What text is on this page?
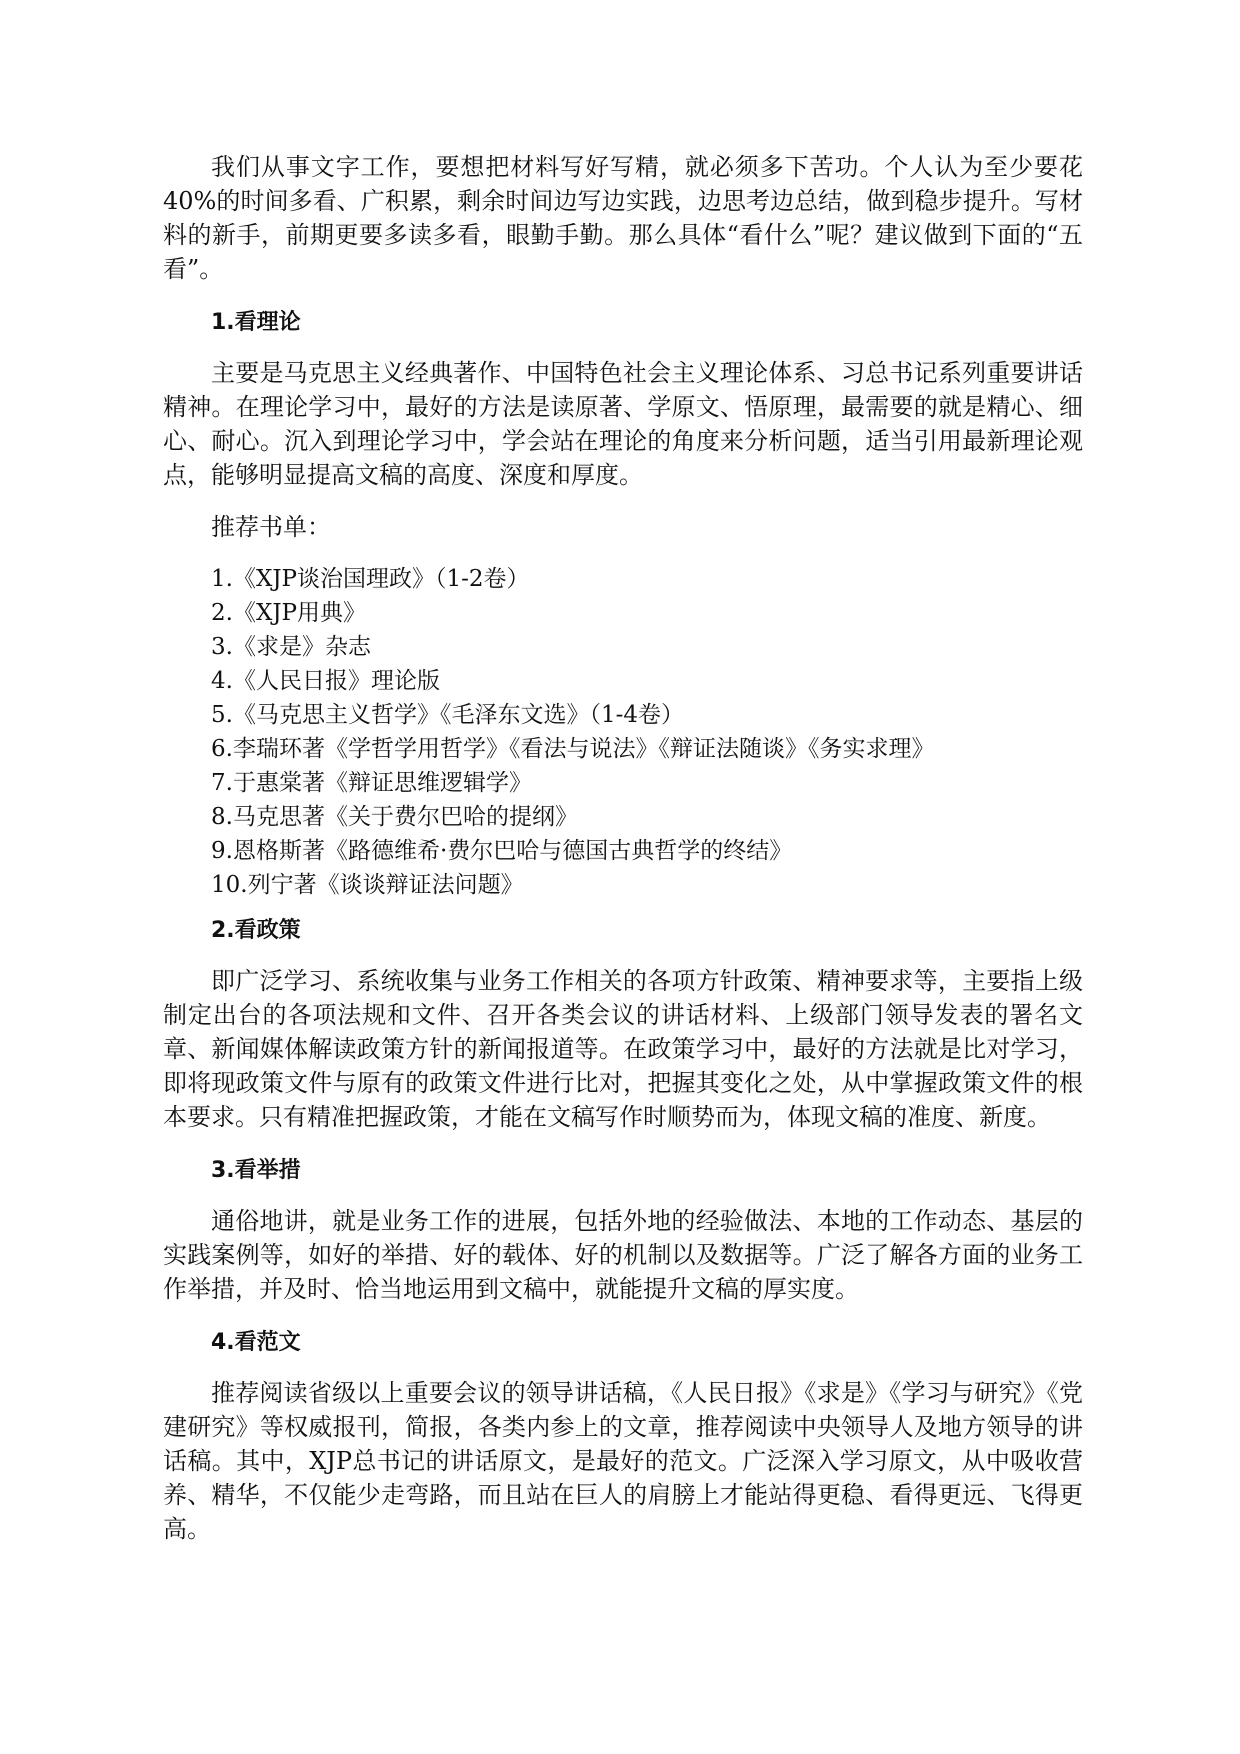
我们从事文字工作，要想把材料写好写精，就必须多下苦功。个人认为至少要花40%的时间多看、广积累，剩余时间边写边实践，边思考边总结，做到稳步提升。写材料的新手，前期更要多读多看，眼勤手勤。那么具体“看什么”呢？建议做到下面的“五看”。

1.看理论

主要是马克思主义经典著作、中国特色社会主义理论体系、习总书记系列重要讲话精神。在理论学习中，最好的方法是读原著、学原文、悟原理，最需要的就是精心、细心、耐心。沉入到理论学习中，学会站在理论的角度来分析问题，适当引用最新理论观点，能够明显提高文稿的高度、深度和厚度。

推荐书单：

1.《XJP谈治国理政》（1-2卷）
2.《XJP用典》
3.《求是》杂志
4.《人民日报》理论版
5.《马克思主义哲学》《毛泽东文选》（1-4卷）
6.李瑞环著《学哲学用哲学》《看法与说法》《辩证法随谈》《务实求理》
7.于惠棠著《辩证思维逻辑学》
8.马克思著《关于费尔巴哈的提纲》
9.恩格斯著《路德维希·费尔巴哈与德国古典哲学的终结》
10.列宁著《谈谈辩证法问题》
2.看政策

即广泛学习、系统收集与业务工作相关的各项方针政策、精神要求等，主要指上级制定出台的各项法规和文件、召开各类会议的讲话材料、上级部门领导发表的署名文章、新闻媒体解读政策方针的新闻报道等。在政策学习中，最好的方法就是比对学习，即将现政策文件与原有的政策文件进行比对，把握其变化之处，从中掌握政策文件的根本要求。只有精准把握政策，才能在文稿写作时顺势而为，体现文稿的准度、新度。

3.看举措

通俗地讲，就是业务工作的进展，包括外地的经验做法、本地的工作动态、基层的实践案例等，如好的举措、好的载体、好的机制以及数据等。广泛了解各方面的业务工作举措，并及时、恰当地运用到文稿中，就能提升文稿的厚实度。

4.看范文

推荐阅读省级以上重要会议的领导讲话稿，《人民日报》《求是》《学习与研究》《党建研究》等权威报刊，简报，各类内参上的文章，推荐阅读中央领导人及地方领导的讲话稿。其中，XJP总书记的讲话原文，是最好的范文。广泛深入学习原文，从中吸收营养、精华，不仅能少走弯路，而且站在巨人的肩膀上才能站得更稳、看得更远、飞得更高。
